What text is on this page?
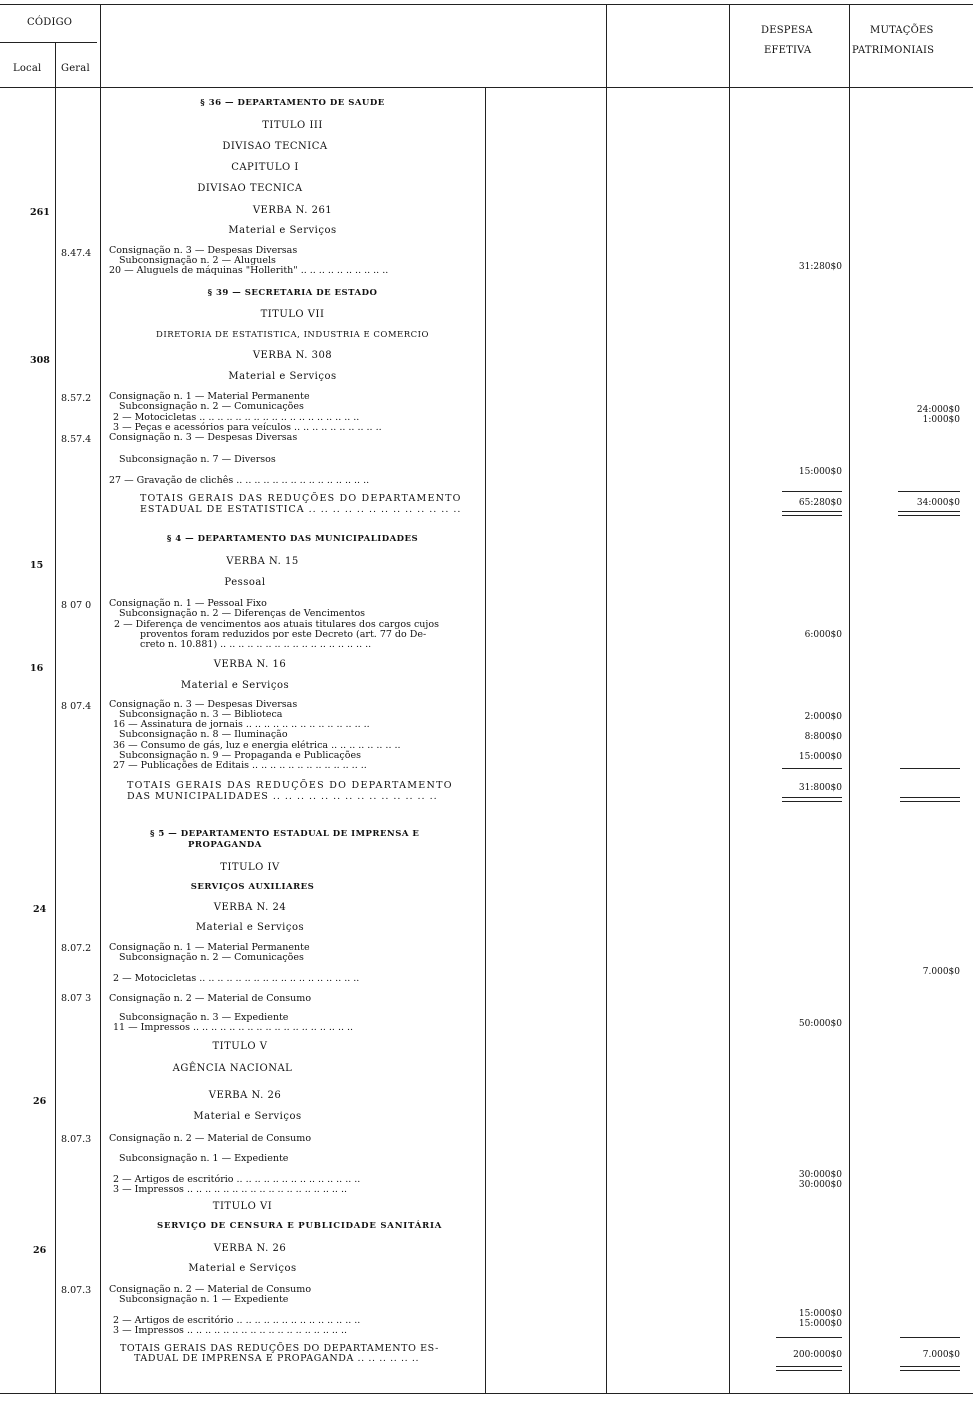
CÓDIGO
Local Geral
DESPESA
EFETIVA
MUTAÇÕES
PATRIMONIAIS
261
308
15
16
24
26
26
8.47.4
8.57.2
8.57.4
8 07 0
8 07.4
8.07.2
8.07 3
8.07.3
8.07.3
§ 36 — DEPARTAMENTO DE SAUDE
TITULO III
DIVISAO TECNICA
CAPITULO I
DIVISAO TECNICA
VERBA N. 261
Material e Serviços
Consignação n. 3 — Despesas Diversas
Subconsignação n. 2 — Aluguels
20 — Aluguels de máquinas "Hollerith" .. .. .. .. .. .. .. .. .. ..
§ 39 — SECRETARIA DE ESTADO
TITULO VII
DIRETORIA DE ESTATISTICA, INDUSTRIA E COMERCIO
VERBA N. 308
Material e Serviços
Consignação n. 1 — Material Permanente
Subconsignação n. 2 — Comunicações
2 — Motocicletas .. .. .. .. .. .. .. .. .. .. .. .. .. .. .. .. .. ..
3 — Peças e acessórios para veículos .. .. .. .. .. .. .. .. .. ..
Consignação n. 3 — Despesas Diversas
Subconsignação n. 7 — Diversos
27 — Gravação de clichês .. .. .. .. .. .. .. .. .. .. .. .. .. .. ..
TOTAIS GERAIS DAS REDUÇÕES DO DEPARTAMENTO
ESTADUAL DE ESTATISTICA .. .. .. .. .. .. .. .. .. .. .. .. ..
§ 4 — DEPARTAMENTO DAS MUNICIPALIDADES
VERBA N. 15
Pessoal
Consignação n. 1 — Pessoal Fixo
Subconsignação n. 2 — Diferenças de Vencimentos
2 — Diferença de vencimentos aos atuais titulares dos cargos cujos
proventos foram reduzidos por este Decreto (art. 77 do De-
creto n. 10.881) .. .. .. .. .. .. .. .. .. .. .. .. .. .. .. .. ..
VERBA N. 16
Material e Serviços
Consignação n. 3 — Despesas Diversas
Subconsignação n. 3 — Biblioteca
16 — Assinatura de jornais .. .. .. .. .. .. .. .. .. .. .. .. .. ..
Subconsignação n. 8 — Iluminação
36 — Consumo de gás, luz e energia elétrica .. .. .. .. .. .. .. ..
Subconsignação n. 9 — Propaganda e Publicações
27 — Publicações de Editais .. .. .. .. .. .. .. .. .. .. .. .. ..
TOTAIS GERAIS DAS REDUÇÕES DO DEPARTAMENTO
DAS MUNICIPALIDADES .. .. .. .. .. .. .. .. .. .. .. .. .. ..
§ 5 — DEPARTAMENTO ESTADUAL DE IMPRENSA E
PROPAGANDA
TITULO IV
SERVIÇOS AUXILIARES
VERBA N. 24
Material e Serviços
Consignação n. 1 — Material Permanente
Subconsignação n. 2 — Comunicações
2 — Motocicletas .. .. .. .. .. .. .. .. .. .. .. .. .. .. .. .. .. ..
Consignação n. 2 — Material de Consumo
Subconsignação n. 3 — Expediente
11 — Impressos .. .. .. .. .. .. .. .. .. .. .. .. .. .. .. .. .. ..
TITULO V
AGÊNCIA NACIONAL
VERBA N. 26
Material e Serviços
Consignação n. 2 — Material de Consumo
Subconsignação n. 1 — Expediente
2 — Artigos de escritório .. .. .. .. .. .. .. .. .. .. .. .. .. ..
3 — Impressos .. .. .. .. .. .. .. .. .. .. .. .. .. .. .. .. .. ..
TITULO VI
SERVIÇO DE CENSURA E PUBLICIDADE SANITÁRIA
VERBA N. 26
Material e Serviços
Consignação n. 2 — Material de Consumo
Subconsignação n. 1 — Expediente
2 — Artigos de escritório .. .. .. .. .. .. .. .. .. .. .. .. .. ..
3 — Impressos .. .. .. .. .. .. .. .. .. .. .. .. .. .. .. .. .. ..
TOTAIS GERAIS DAS REDUÇÕES DO DEPARTAMENTO ES-
TADUAL DE IMPRENSA E PROPAGANDA .. .. .. .. .. ..
31:280$0
15:000$0
65:280$0
6:000$0
2:000$0
8:800$0
15:000$0
31:800$0
50:000$0
30:000$0
30:000$0
15:000$0
15:000$0
200:000$0
24:000$0
1:000$0
34:000$0
7.000$0
7.000$0
